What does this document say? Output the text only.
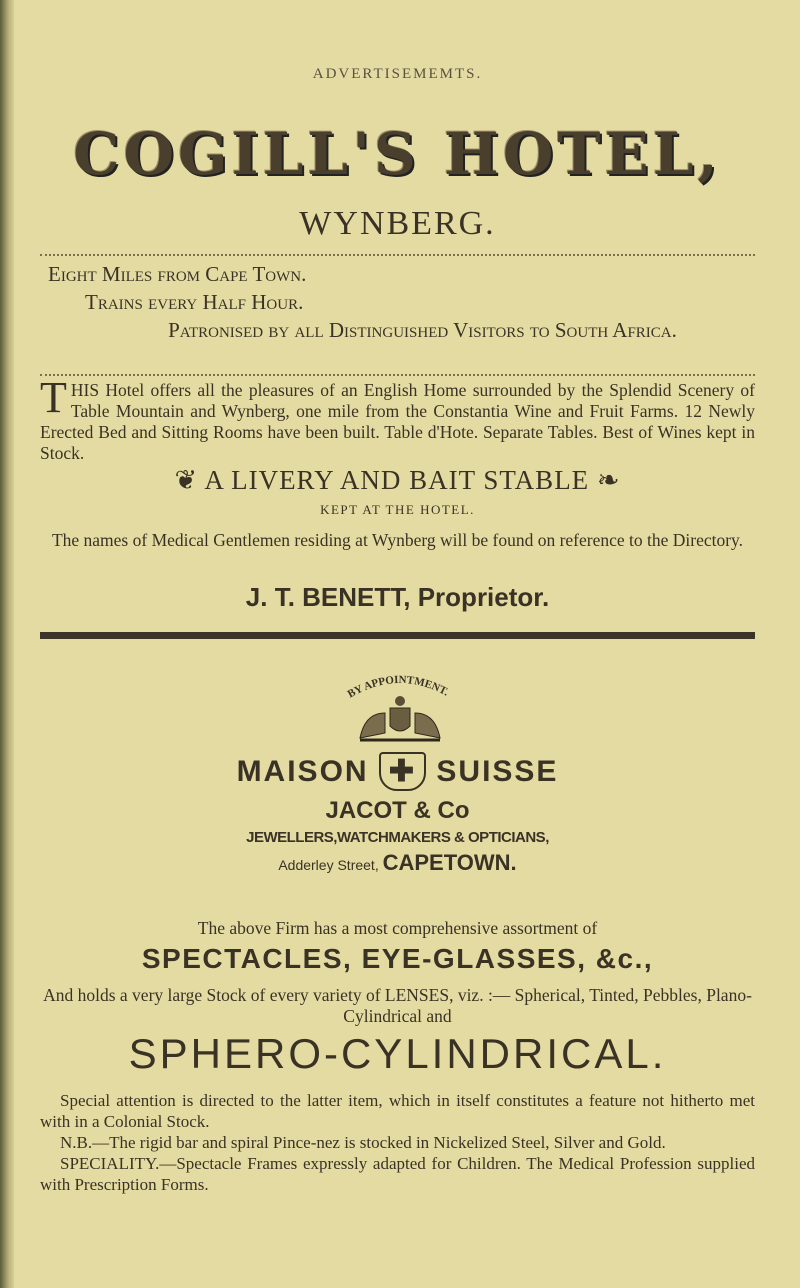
ADVERTISEMEMTS.
COGILL'S HOTEL,
WYNBERG.
Eight Miles from Cape Town.
Trains every Half Hour.
Patronised by all Distinguished Visitors to South Africa.
THIS Hotel offers all the pleasures of an English Home surrounded by the Splendid Scenery of Table Mountain and Wynberg, one mile from the Constantia Wine and Fruit Farms. 12 Newly Erected Bed and Sitting Rooms have been built. Table d'Hote. Separate Tables. Best of Wines kept in Stock.
❦ A LIVERY AND BAIT STABLE ❧
KEPT AT THE HOTEL.
The names of Medical Gentlemen residing at Wynberg will be found on reference to the Directory.
J. T. BENETT, Proprietor.
BY APPOINTMENT.
MAISON ✚ SUISSE
JACOT & Co
JEWELLERS,WATCHMAKERS & OPTICIANS,
Adderley Street, CAPETOWN.
The above Firm has a most comprehensive assortment of
SPECTACLES, EYE-GLASSES, &c.,
And holds a very large Stock of every variety of LENSES, viz. :— Spherical, Tinted, Pebbles, Plano-Cylindrical and
SPHERO-CYLINDRICAL.

Special attention is directed to the latter item, which in itself constitutes a feature not hitherto met with in a Colonial Stock.

N.B.—The rigid bar and spiral Pince-nez is stocked in Nickelized Steel, Silver and Gold.

SPECIALITY.—Spectacle Frames expressly adapted for Children. The Medical Profession supplied with Prescription Forms.
